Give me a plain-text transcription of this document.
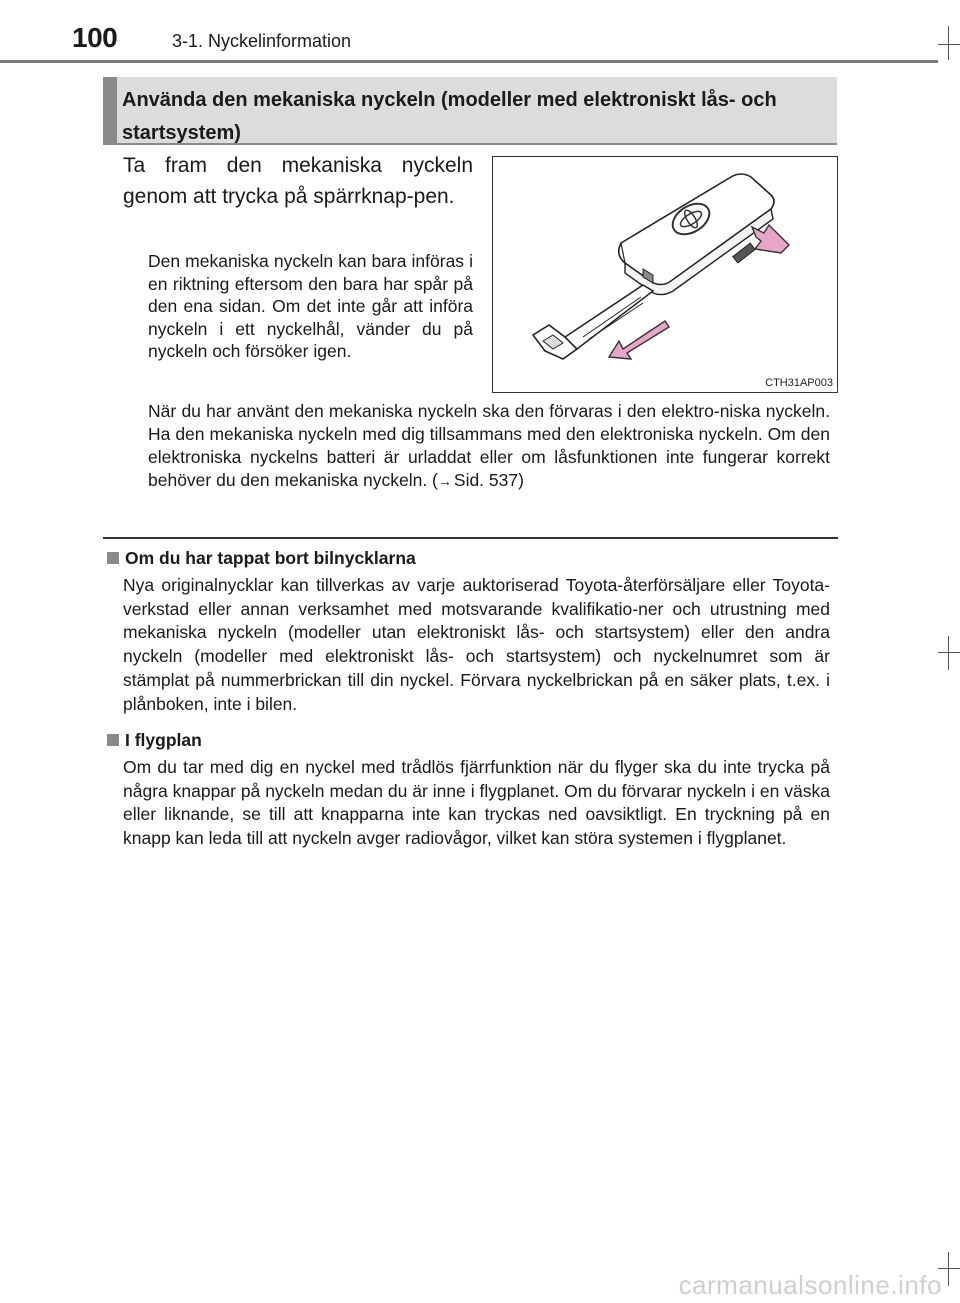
100	3-1. Nyckelinformation
Använda den mekaniska nyckeln (modeller med elektroniskt lås- och startsystem)
Ta fram den mekaniska nyckeln genom att trycka på spärrknap-pen.
Den mekaniska nyckeln kan bara införas i en riktning eftersom den bara har spår på den ena sidan. Om det inte går att införa nyckeln i ett nyckelhål, vänder du på nyckeln och försöker igen.
CTH31AP003
När du har använt den mekaniska nyckeln ska den förvaras i den elektro-niska nyckeln. Ha den mekaniska nyckeln med dig tillsammans med den elektroniska nyckeln. Om den elektroniska nyckelns batteri är urladdat eller om låsfunktionen inte fungerar korrekt behöver du den mekaniska nyckeln. (→ Sid. 537)
Om du har tappat bort bilnycklarna
Nya originalnycklar kan tillverkas av varje auktoriserad Toyota-återförsäljare eller Toyota-verkstad eller annan verksamhet med motsvarande kvalifikatio-ner och utrustning med mekaniska nyckeln (modeller utan elektroniskt lås- och startsystem) eller den andra nyckeln (modeller med elektroniskt lås- och startsystem) och nyckelnumret som är stämplat på nummerbrickan till din nyckel. Förvara nyckelbrickan på en säker plats, t.ex. i plånboken, inte i bilen.
I flygplan
Om du tar med dig en nyckel med trådlös fjärrfunktion när du flyger ska du inte trycka på några knappar på nyckeln medan du är inne i flygplanet. Om du förvarar nyckeln i en väska eller liknande, se till att knapparna inte kan tryckas ned oavsiktligt. En tryckning på en knapp kan leda till att nyckeln avger radiovågor, vilket kan störa systemen i flygplanet.
carmanualsonline.info
